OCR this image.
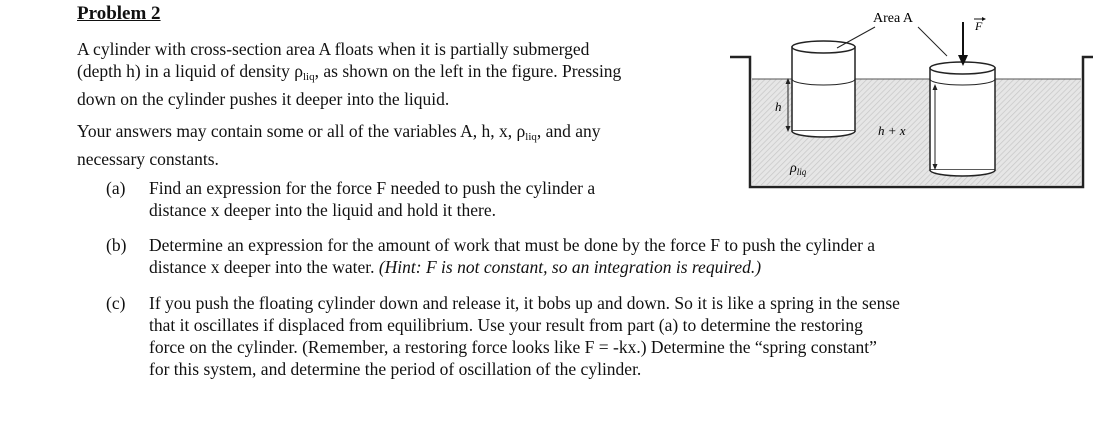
Problem 2
A cylinder with cross-section area A floats when it is partially submerged
(depth h) in a liquid of density $\rho_{liq}$, as shown on the left in the figure. Pressing
down on the cylinder pushes it deeper into the liquid.
Your answers may contain some or all of the variables A, h, x, $\rho_{liq}$, and any
necessary constants.
(a) Find an expression for the force F needed to push the cylinder a
distance x deeper into the liquid and hold it there.
(b) Determine an expression for the amount of work that must be done by the force F to push the cylinder a
distance x deeper into the water. (Hint: F is not constant, so an integration is required.)
(c) If you push the floating cylinder down and release it, it bobs up and down. So it is like a spring in the sense
that it oscillates if displaced from equilibrium. Use your result from part (a) to determine the restoring
force on the cylinder. (Remember, a restoring force looks like F = -kx.) Determine the “spring constant”
for this system, and determine the period of oscillation of the cylinder.
h
$\rho_{liq}$
h + x
Area A	F
